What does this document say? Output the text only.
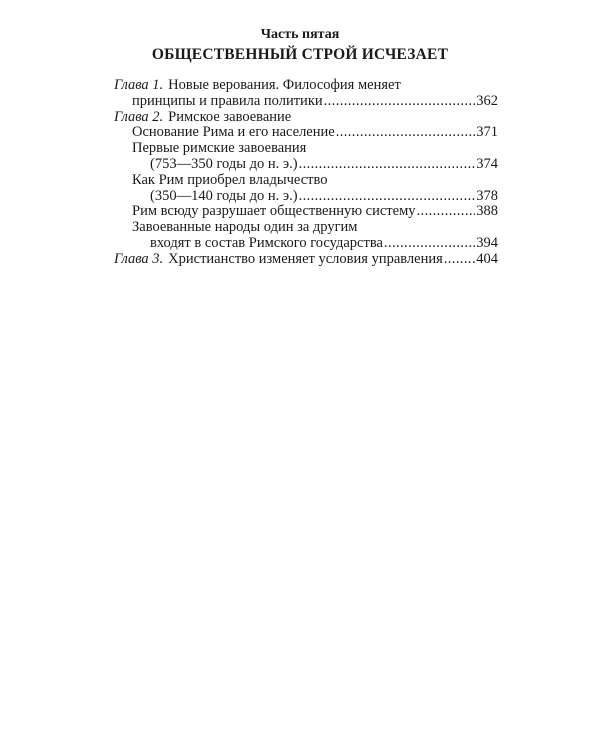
Часть пятая
ОБЩЕСТВЕННЫЙ СТРОЙ ИСЧЕЗАЕТ
Глава 1. Новые верования. Философия меняет
принципы и правила политики .....	362
Глава 2. Римское завоевание
Основание Рима и его население .....	371
Первые римские завоевания
(753—350 годы до н. э.) .....	374
Как Рим приобрел владычество
(350—140 годы до н. э.) .....	378
Рим всюду разрушает общественную систему .....	388
Завоеванные народы один за другим
входят в состав Римского государства .....	394
Глава 3. Христианство изменяет условия управления ..... 404
